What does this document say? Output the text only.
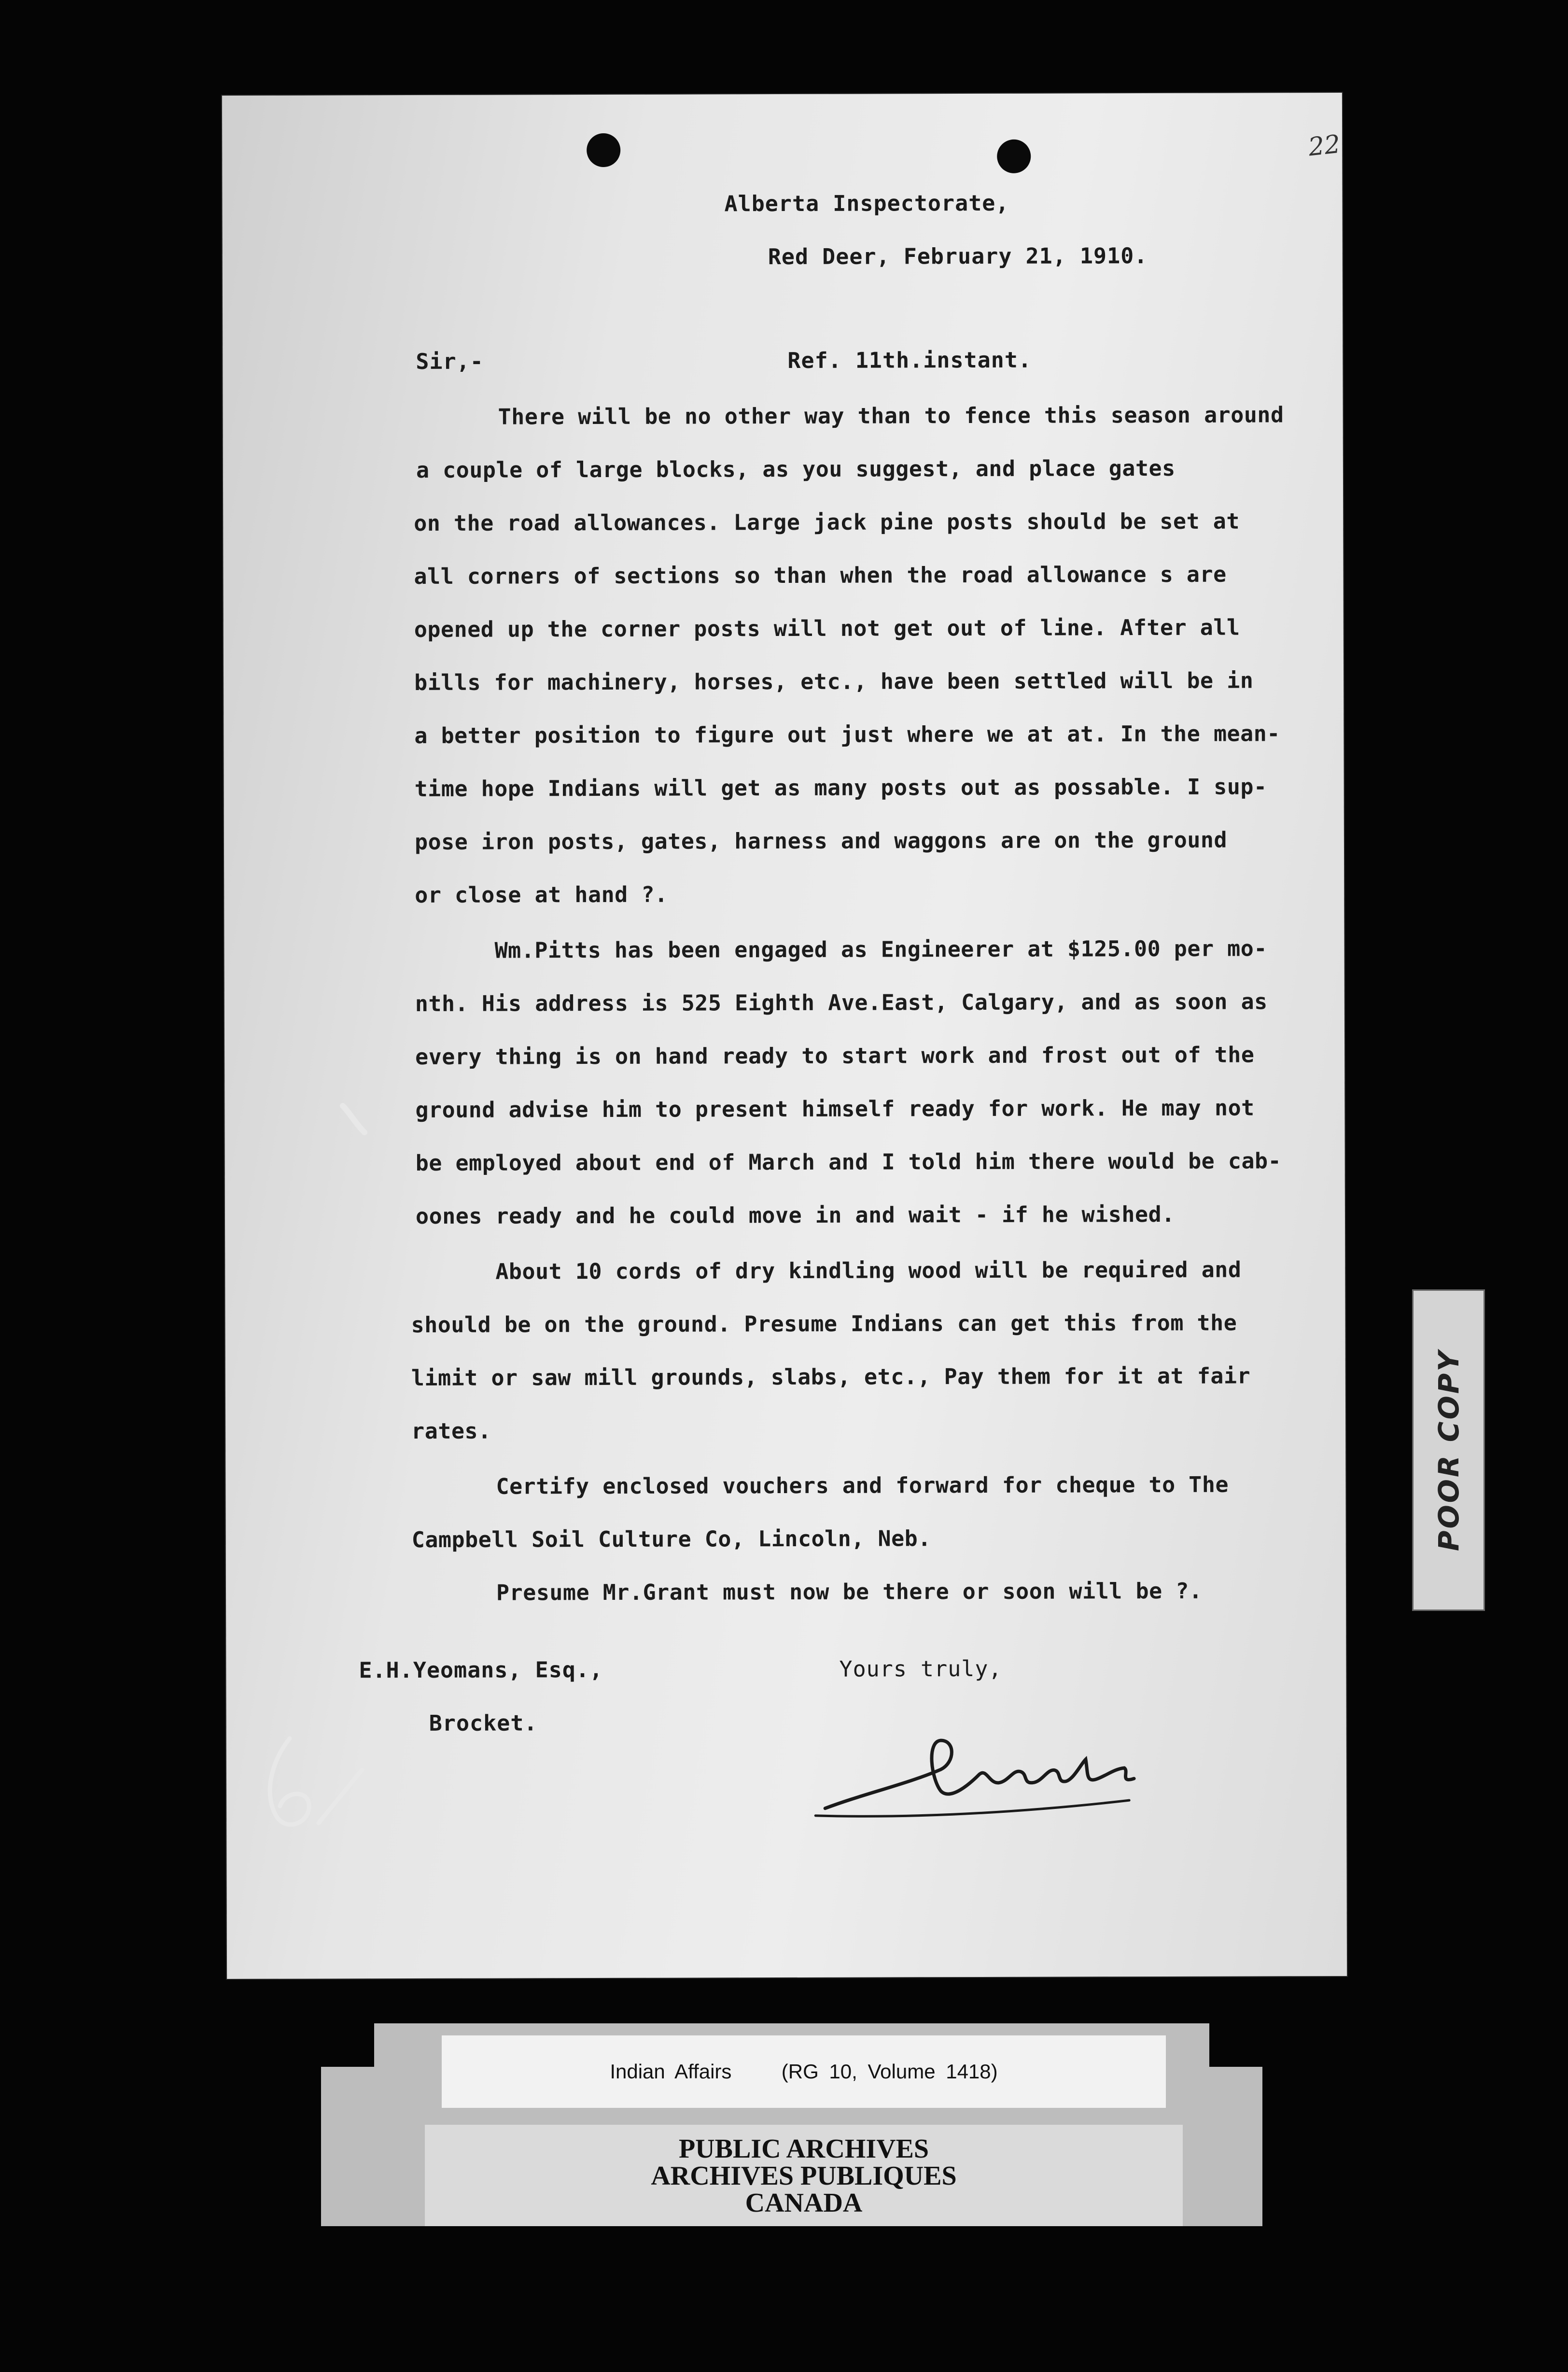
22
Alberta Inspectorate,
Red Deer, February 21, 1910.
Sir,-	Ref. 11th.instant.
There will be no other way than to fence this season around
a couple of large blocks, as you suggest, and place gates
on the road allowances. Large jack pine posts should be set at
all corners of sections so than when the road allowance s are
opened up the corner posts will not get out of line. After all
bills for machinery, horses, etc., have been settled will be in
a better position to figure out just where we at at. In the mean-
time hope Indians will get as many posts out as possable. I sup-
pose iron posts, gates, harness and waggons are on the ground
or close at hand ?.
Wm.Pitts has been engaged as Engineerer at $125.00 per mo-
nth. His address is 525 Eighth Ave.East, Calgary, and as soon as
every thing is on hand ready to start work and frost out of the
ground advise him to present himself ready for work. He may not
be employed about end of March and I told him there would be cab-
oones ready and he could move in and wait - if he wished.
About 10 cords of dry kindling wood will be required and
should be on the ground. Presume Indians can get this from the
limit or saw mill grounds, slabs, etc., Pay them for it at fair
rates.
Certify enclosed vouchers and forward for cheque to The
Campbell Soil Culture Co, Lincoln, Neb.
Presume Mr.Grant must now be there or soon will be ?.
Yours truly,
E.H.Yeomans, Esq.,
Brocket.
POOR COPY
Indian Affairs (RG 10, Volume 1418)
PUBLIC ARCHIVES
ARCHIVES PUBLIQUES
CANADA
